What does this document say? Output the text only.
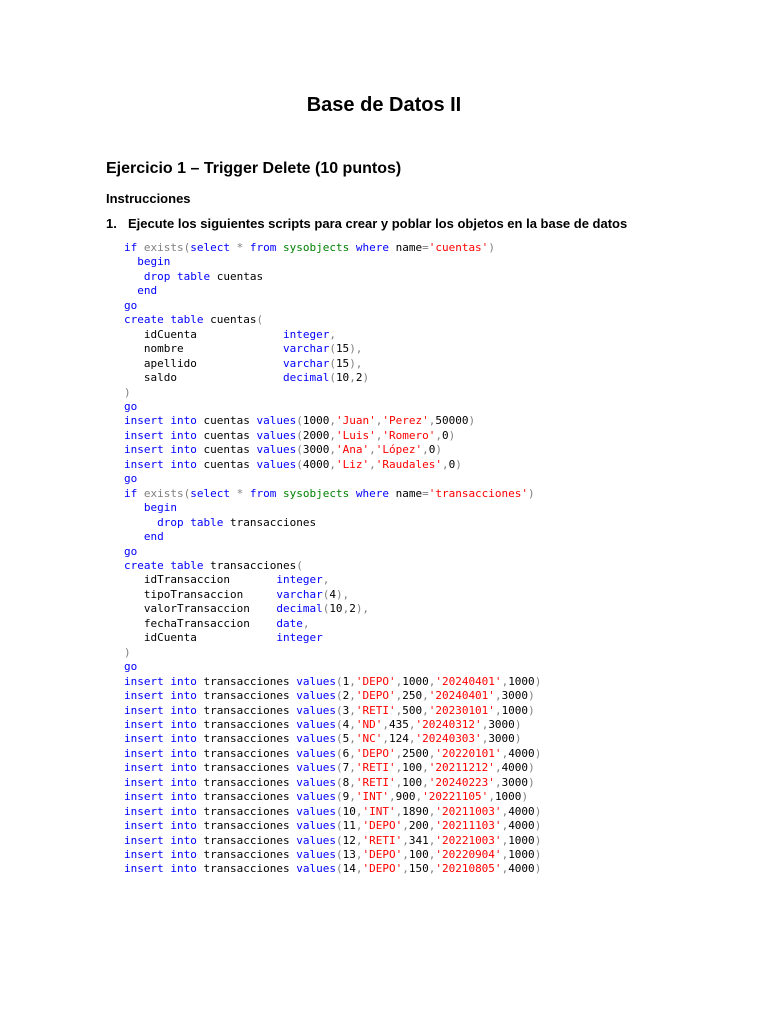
Base de Datos II
Ejercicio 1 – Trigger Delete (10 puntos)
Instrucciones
1. Ejecute los siguientes scripts para crear y poblar los objetos en la base de datos
if exists(select * from sysobjects where name='cuentas')
begin
drop table cuentas
end
go
create table cuentas(
idCuenta             integer,
nombre               varchar(15),
apellido             varchar(15),
saldo                decimal(10,2)
)
go
insert into cuentas values(1000,'Juan','Perez',50000)
insert into cuentas values(2000,'Luis','Romero',0)
insert into cuentas values(3000,'Ana','López',0)
insert into cuentas values(4000,'Liz','Raudales',0)
go
if exists(select * from sysobjects where name='transacciones')
begin
drop table transacciones
end
go
create table transacciones(
idTransaccion       integer,
tipoTransaccion     varchar(4),
valorTransaccion    decimal(10,2),
fechaTransaccion    date,
idCuenta            integer
)
go
insert into transacciones values(1,'DEPO',1000,'20240401',1000)
insert into transacciones values(2,'DEPO',250,'20240401',3000)
insert into transacciones values(3,'RETI',500,'20230101',1000)
insert into transacciones values(4,'ND',435,'20240312',3000)
insert into transacciones values(5,'NC',124,'20240303',3000)
insert into transacciones values(6,'DEPO',2500,'20220101',4000)
insert into transacciones values(7,'RETI',100,'20211212',4000)
insert into transacciones values(8,'RETI',100,'20240223',3000)
insert into transacciones values(9,'INT',900,'20221105',1000)
insert into transacciones values(10,'INT',1890,'20211003',4000)
insert into transacciones values(11,'DEPO',200,'20211103',4000)
insert into transacciones values(12,'RETI',341,'20221003',1000)
insert into transacciones values(13,'DEPO',100,'20220904',1000)
insert into transacciones values(14,'DEPO',150,'20210805',4000)
